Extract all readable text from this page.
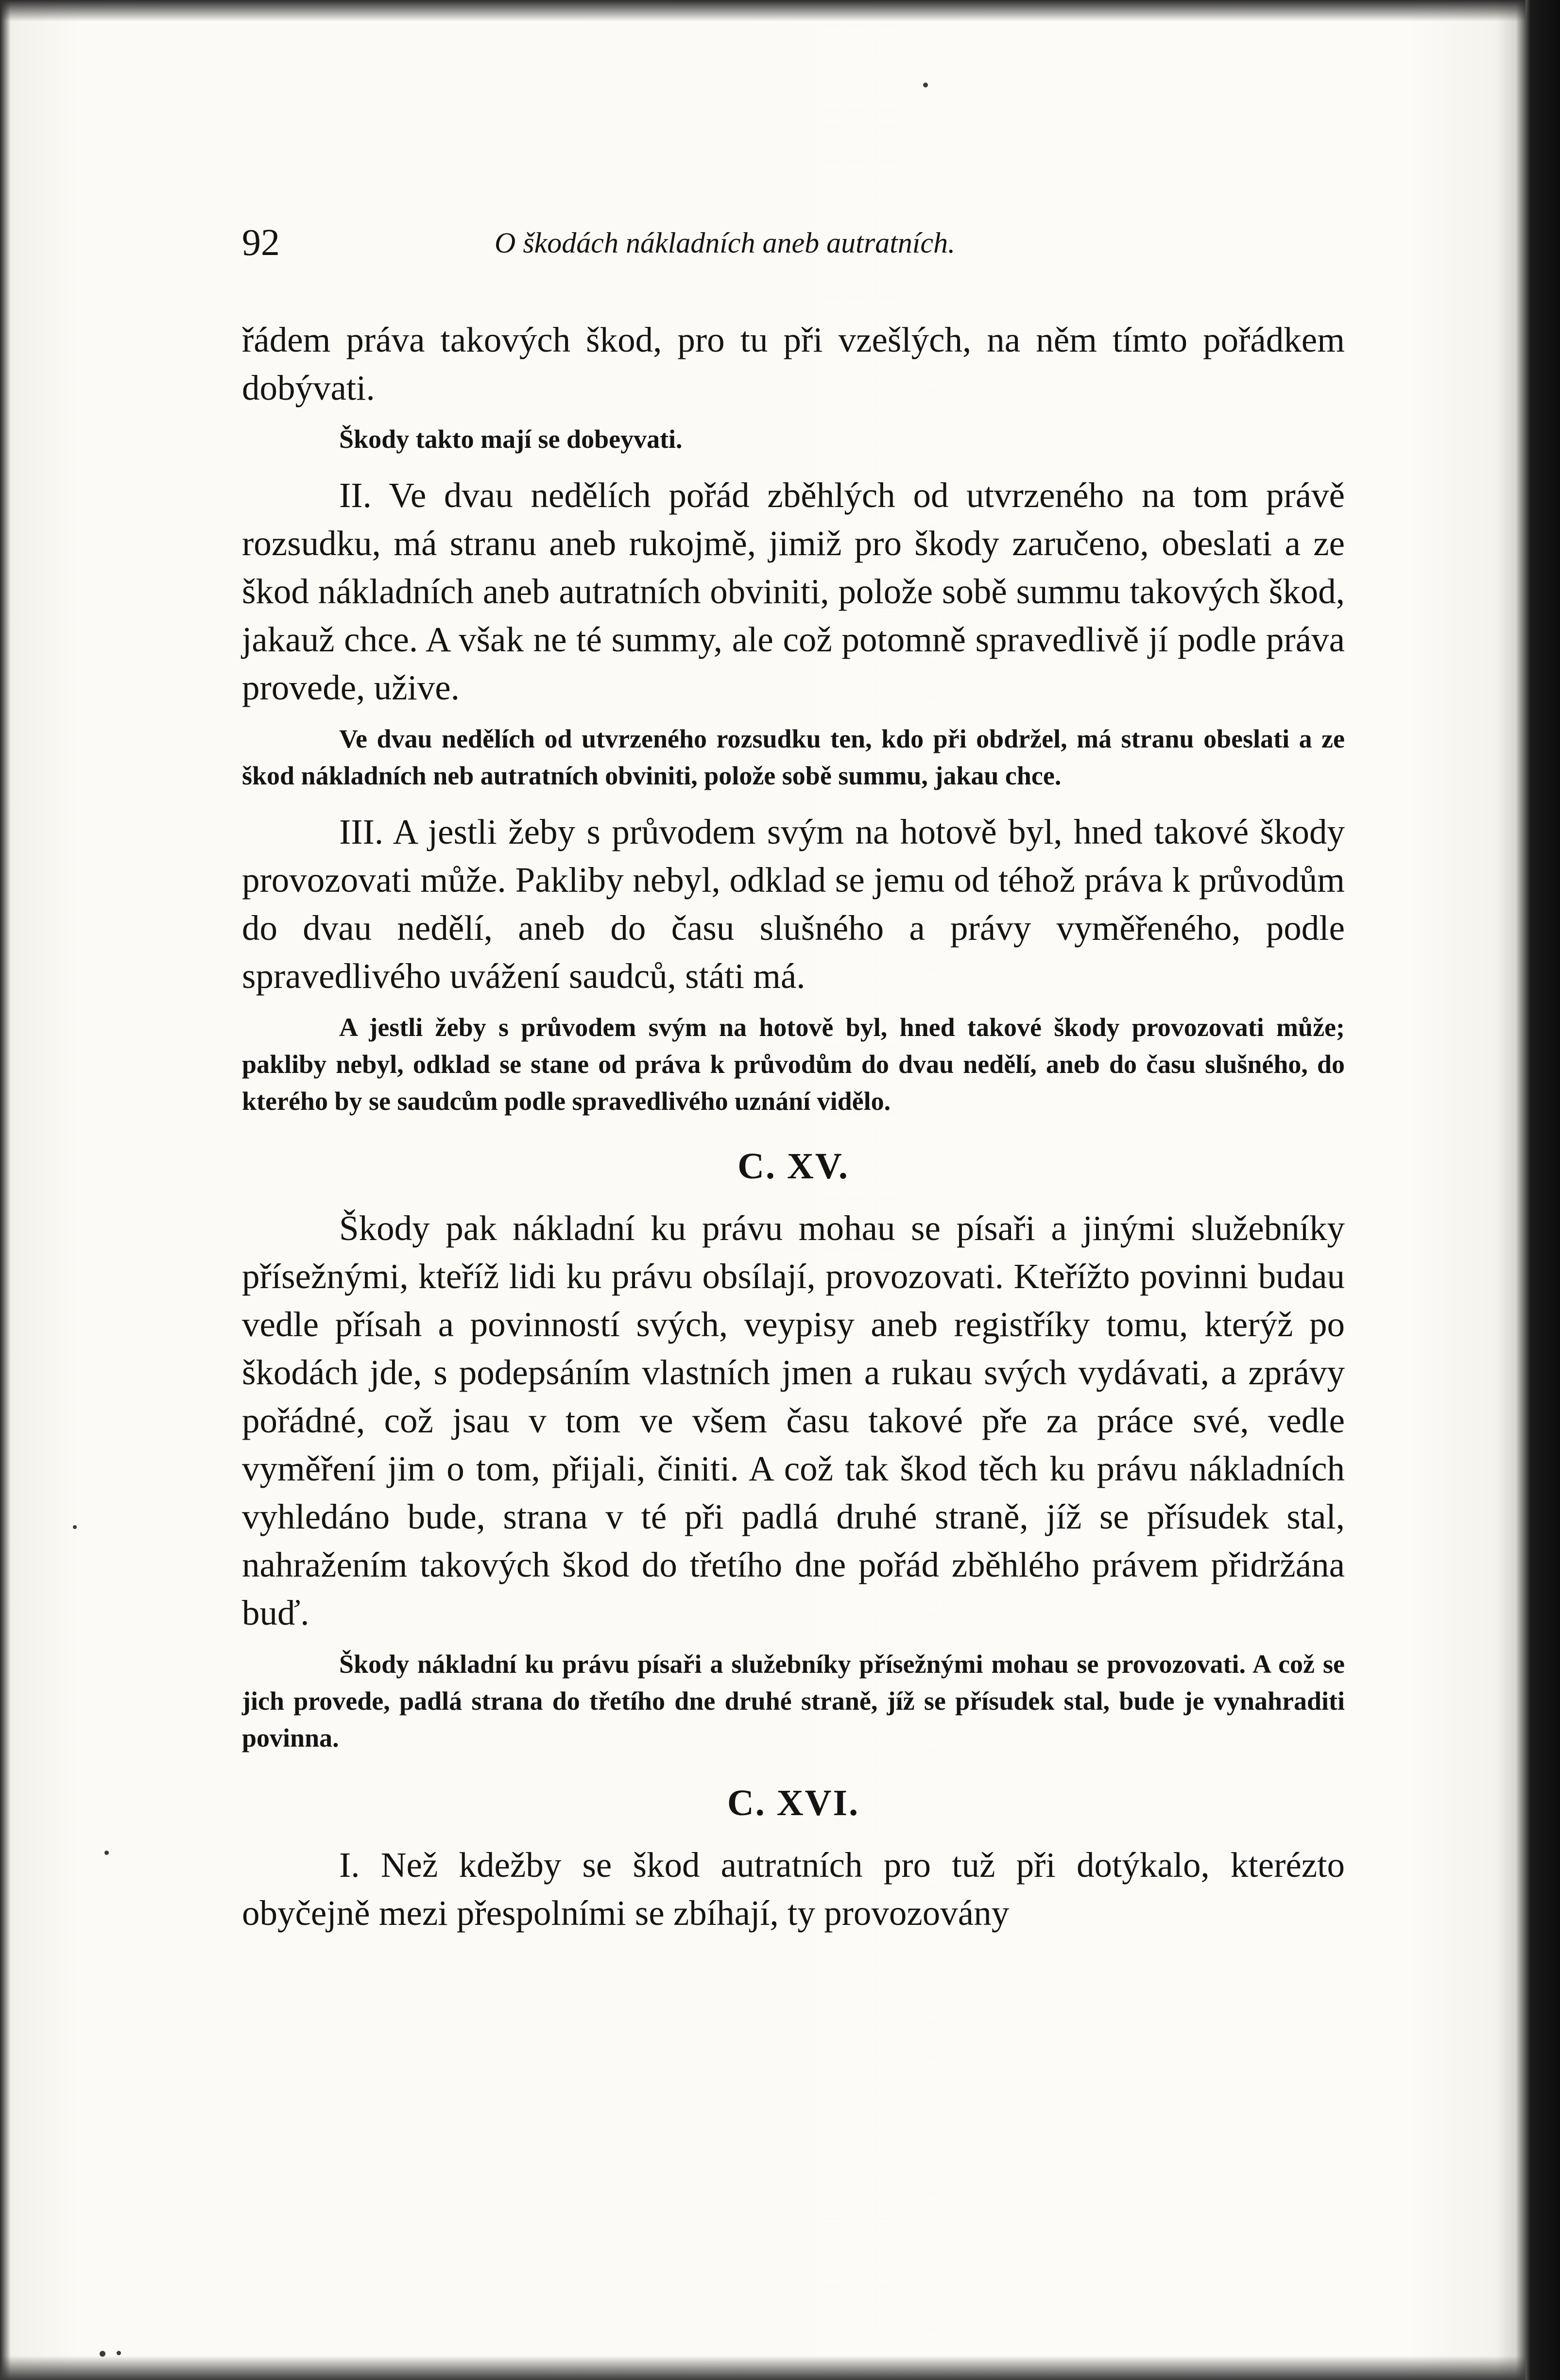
92	O škodách nákladních aneb autratních.

řádem práva takových škod, pro tu při vzešlých, na něm tímto pořádkem dobývati.

Škody takto mají se dobeyvati.

II. Ve dvau nedělích pořád zběhlých od utvrzeného na tom právě rozsudku, má stranu aneb rukojmě, jimiž pro škody zaručeno, obeslati a ze škod nákladních aneb autratních obviniti, polože sobě summu takových škod, jakauž chce. A však ne té summy, ale což potomně spravedlivě jí podle práva provede, užive.

Ve dvau nedělích od utvrzeného rozsudku ten, kdo při obdržel, má stranu obeslati a ze škod nákladních neb autratních obviniti, polože sobě summu, jakau chce.

III. A jestli žeby s průvodem svým na hotově byl, hned takové škody provozovati může. Pakliby nebyl, odklad se jemu od téhož práva k průvodům do dvau nedělí, aneb do času slušného a právy vyměřeného, podle spravedlivého uvážení saudců, státi má.

A jestli žeby s průvodem svým na hotově byl, hned takové škody provozovati může; pakliby nebyl, odklad se stane od práva k průvodům do dvau nedělí, aneb do času slušného, do kterého by se saudcům podle spravedlivého uznání vidělo.

C. XV.

Škody pak nákladní ku právu mohau se písaři a jinými služebníky přísežnými, kteříž lidi ku právu obsílají, provozovati. Kteřížto povinni budau vedle přísah a povinností svých, veypisy aneb registříky tomu, kterýž po škodách jde, s podepsáním vlastních jmen a rukau svých vydávati, a zprávy pořádné, což jsau v tom ve všem času takové pře za práce své, vedle vyměření jim o tom, přijali, činiti. A což tak škod těch ku právu nákladních vyhledáno bude, strana v té při padlá druhé straně, jíž se přísudek stal, nahražením takových škod do třetího dne pořád zběhlého právem přidržána buď.

Škody nákladní ku právu písaři a služebníky přísežnými mohau se provozovati. A což se jich provede, padlá strana do třetího dne druhé straně, jíž se přísudek stal, bude je vynahraditi povinna.

C. XVI.

I. Než kdežby se škod autratních pro tuž při dotýkalo, kterézto obyčejně mezi přespolními se zbíhají, ty provozovány
